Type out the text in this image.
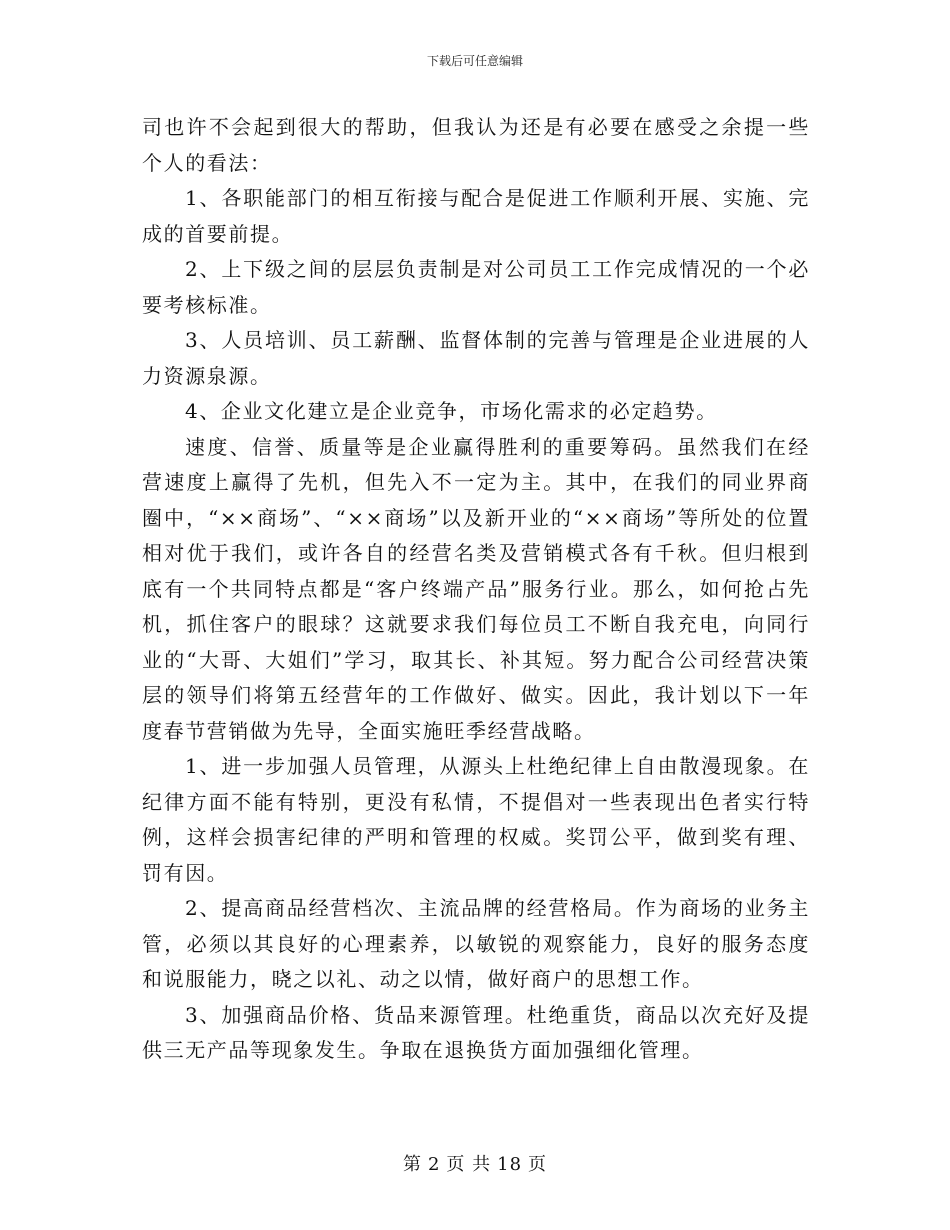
下载后可任意编辑

司也许不会起到很大的帮助，但我认为还是有必要在感受之余提一些个人的看法：

1、各职能部门的相互衔接与配合是促进工作顺利开展、实施、完成的首要前提。

2、上下级之间的层层负责制是对公司员工工作完成情况的一个必要考核标准。

3、人员培训、员工薪酬、监督体制的完善与管理是企业进展的人力资源泉源。

4、企业文化建立是企业竞争，市场化需求的必定趋势。

速度、信誉、质量等是企业赢得胜利的重要筹码。虽然我们在经营速度上赢得了先机，但先入不一定为主。其中，在我们的同业界商圈中，“××商场”、“××商场”以及新开业的“××商场”等所处的位置相对优于我们，或许各自的经营名类及营销模式各有千秋。但归根到底有一个共同特点都是“客户终端产品”服务行业。那么，如何抢占先机，抓住客户的眼球？这就要求我们每位员工不断自我充电，向同行业的“大哥、大姐们”学习，取其长、补其短。努力配合公司经营决策层的领导们将第五经营年的工作做好、做实。因此，我计划以下一年度春节营销做为先导，全面实施旺季经营战略。

1、进一步加强人员管理，从源头上杜绝纪律上自由散漫现象。在纪律方面不能有特别，更没有私情，不提倡对一些表现出色者实行特例，这样会损害纪律的严明和管理的权威。奖罚公平，做到奖有理、罚有因。

2、提高商品经营档次、主流品牌的经营格局。作为商场的业务主管，必须以其良好的心理素养，以敏锐的观察能力，良好的服务态度和说服能力，晓之以礼、动之以情，做好商户的思想工作。

3、加强商品价格、货品来源管理。杜绝重货，商品以次充好及提供三无产品等现象发生。争取在退换货方面加强细化管理。

第 2 页 共 18 页
